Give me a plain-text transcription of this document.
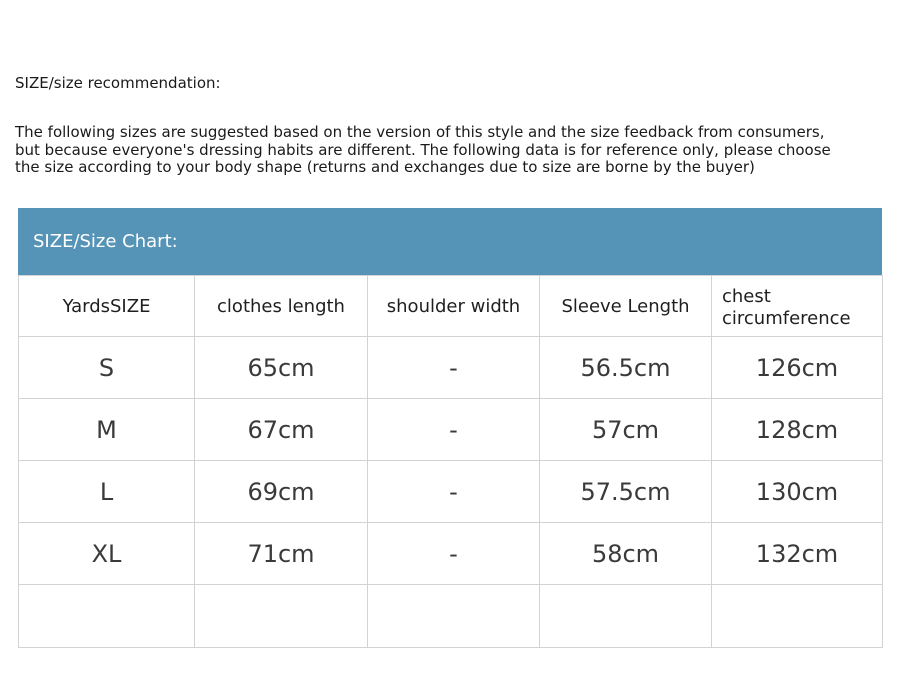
SIZE/size recommendation:
The following sizes are suggested based on the version of this style and the size feedback from consumers,
but because everyone's dressing habits are different. The following data is for reference only, please choose
the size according to your body shape (returns and exchanges due to size are borne by the buyer)
SIZE/Size Chart:
YardsSIZE	clothes length	shoulder width	Sleeve Length	chest
circumference

S	65cm	-	56.5cm	126cm
M	67cm	-	57cm	128cm
L	69cm	-	57.5cm	130cm
XL	71cm	-	58cm	132cm
